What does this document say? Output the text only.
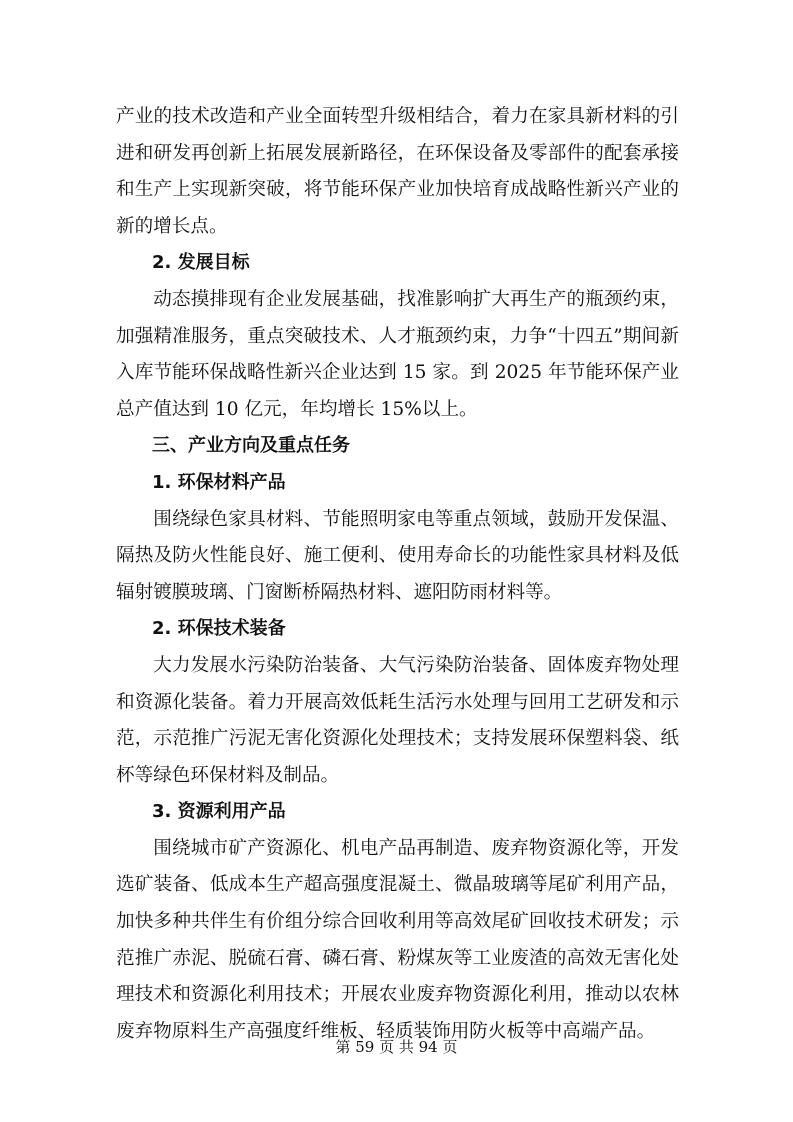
产业的技术改造和产业全面转型升级相结合，着力在家具新材料的引进和研发再创新上拓展发展新路径，在环保设备及零部件的配套承接和生产上实现新突破，将节能环保产业加快培育成战略性新兴产业的新的增长点。

2. 发展目标

动态摸排现有企业发展基础，找准影响扩大再生产的瓶颈约束，加强精准服务，重点突破技术、人才瓶颈约束，力争“十四五”期间新入库节能环保战略性新兴企业达到 15 家。到 2025 年节能环保产业总产值达到 10 亿元，年均增长 15%以上。

三、产业方向及重点任务

1. 环保材料产品

围绕绿色家具材料、节能照明家电等重点领域，鼓励开发保温、隔热及防火性能良好、施工便利、使用寿命长的功能性家具材料及低辐射镀膜玻璃、门窗断桥隔热材料、遮阳防雨材料等。

2. 环保技术装备

大力发展水污染防治装备、大气污染防治装备、固体废弃物处理和资源化装备。着力开展高效低耗生活污水处理与回用工艺研发和示范，示范推广污泥无害化资源化处理技术；支持发展环保塑料袋、纸杯等绿色环保材料及制品。

3. 资源利用产品

围绕城市矿产资源化、机电产品再制造、废弃物资源化等，开发选矿装备、低成本生产超高强度混凝土、微晶玻璃等尾矿利用产品，加快多种共伴生有价组分综合回收利用等高效尾矿回收技术研发；示范推广赤泥、脱硫石膏、磷石膏、粉煤灰等工业废渣的高效无害化处理技术和资源化利用技术；开展农业废弃物资源化利用，推动以农林废弃物原料生产高强度纤维板、轻质装饰用防火板等中高端产品。

第 59 页 共 94 页
